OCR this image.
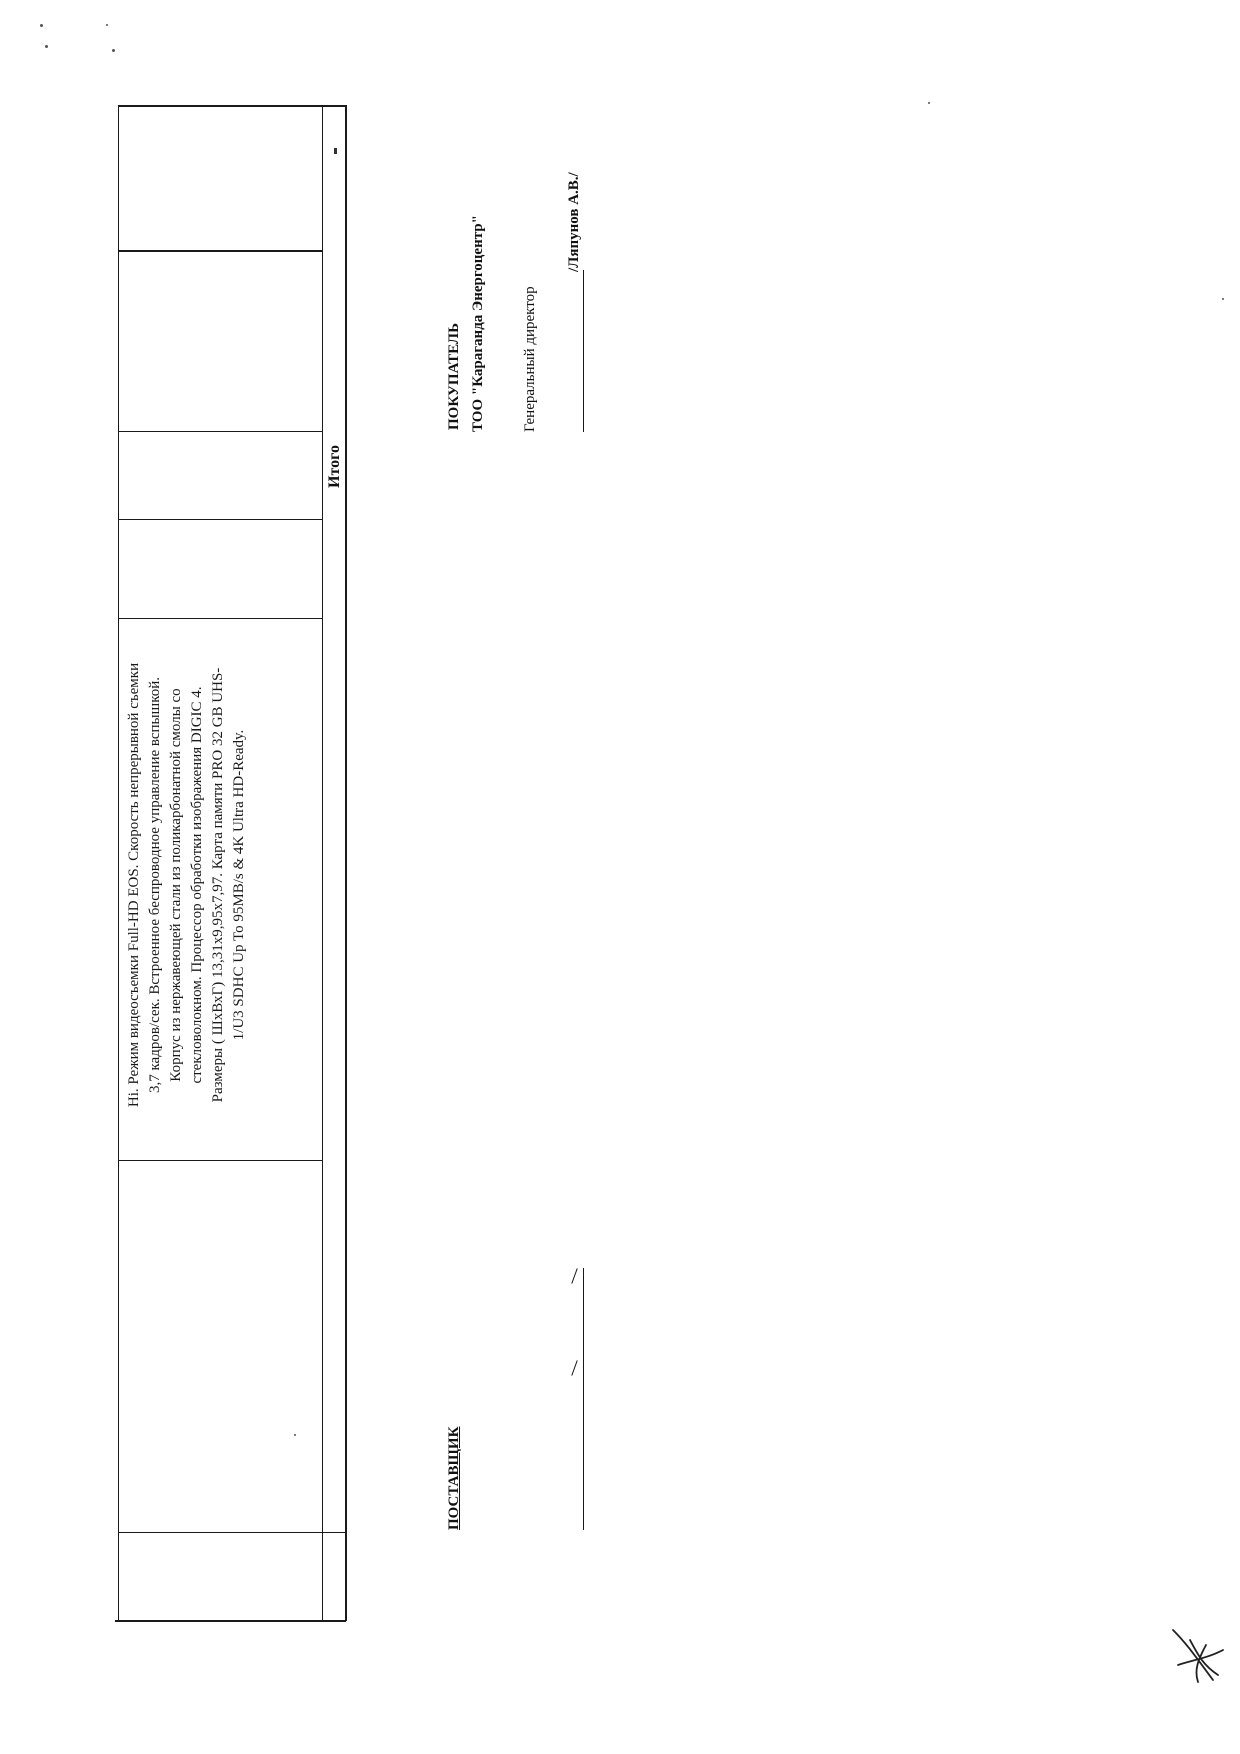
Hi. Режим видеосъемки Full-HD EOS. Скорость непрерывной съемки 3,7 кадров/сек. Встроенное беспроводное управление вспышкой. Корпус из нержавеющей стали из поликарбонатной смолы со стекловолокном. Процессор обработки изображения DIGIC 4. Размеры ( ШхВхГ) 13,31х9,95х7,97. Карта памяти PRO 32 GB UHS- 1/U3 SDHC Up To 95MB/s & 4K Ultra HD-Ready.
Итого
ПОКУПАТЕЛЬ ТОО "Караганда Энергоцентр" Генеральный директор
/Ляпунов А.В./
ПОСТАВЩИК
